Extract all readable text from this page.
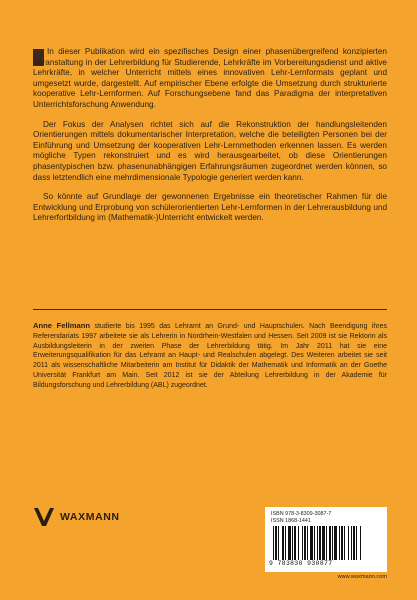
In dieser Publikation wird ein spezifisches Design einer phasenübergreifend konzipierten Veranstaltung in der Lehrerbildung für Studierende, Lehrkräfte im Vorbereitungsdienst und aktive Lehrkräfte, in welcher Unterricht mittels eines innovativen Lehr-Lernformats geplant und umgesetzt wurde, dargestellt. Auf empirischer Ebene erfolgte die Umsetzung durch strukturierte kooperative Lehr-Lernformen. Auf Forschungsebene fand das Paradigma der interpretativen Unterrichtsforschung Anwendung.

Der Fokus der Analysen richtet sich auf die Rekonstruktion der handlungsleitenden Orientierungen mittels dokumentarischer Interpretation, welche die beteiligten Personen bei der Einführung und Umsetzung der kooperativen Lehr-Lernmethoden erkennen lassen. Es werden mögliche Typen rekonstruiert und es wird herausgearbeitet, ob diese Orientierungen phasentypischen bzw. phasenunabhängigen Erfahrungsräumen zugeordnet werden können, so dass letztendlich eine mehrdimensionale Typologie generiert werden kann.

So könnte auf Grundlage der gewonnenen Ergebnisse ein theoretischer Rahmen für die Entwicklung und Erprobung von schülerorientierten Lehr-Lernformen in der Lehrerausbildung und Lehrerfortbildung im (Mathematik-)Unterricht entwickelt werden.

Anne Fellmann studierte bis 1995 das Lehramt an Grund- und Hauptschulen. Nach Beendigung ihres Referendariats 1997 arbeitete sie als Lehrerin in Nordrhein-Westfalen und Hessen. Seit 2009 ist sie Rektorin als Ausbildungsleiterin in der zweiten Phase der Lehrerbildung tätig. Im Jahr 2011 hat sie eine Erweiterungsqualifikation für das Lehramt an Haupt- und Realschulen abgelegt. Des Weiteren arbeitet sie seit 2011 als wissenschaftliche Mitarbeiterin am Institut für Didaktik der Mathematik und Informatik an der Goethe Universität Frankfurt am Main. Seit 2012 ist sie der Abteilung Lehrerbildung in der Akademie für Bildungsforschung und Lehrerbildung (ABL) zugeordnet.
WAXMANN	ISBN 978-3-8309-3087-7
ISSN 1868-1441
9 783830 930877
www.waxmann.com
